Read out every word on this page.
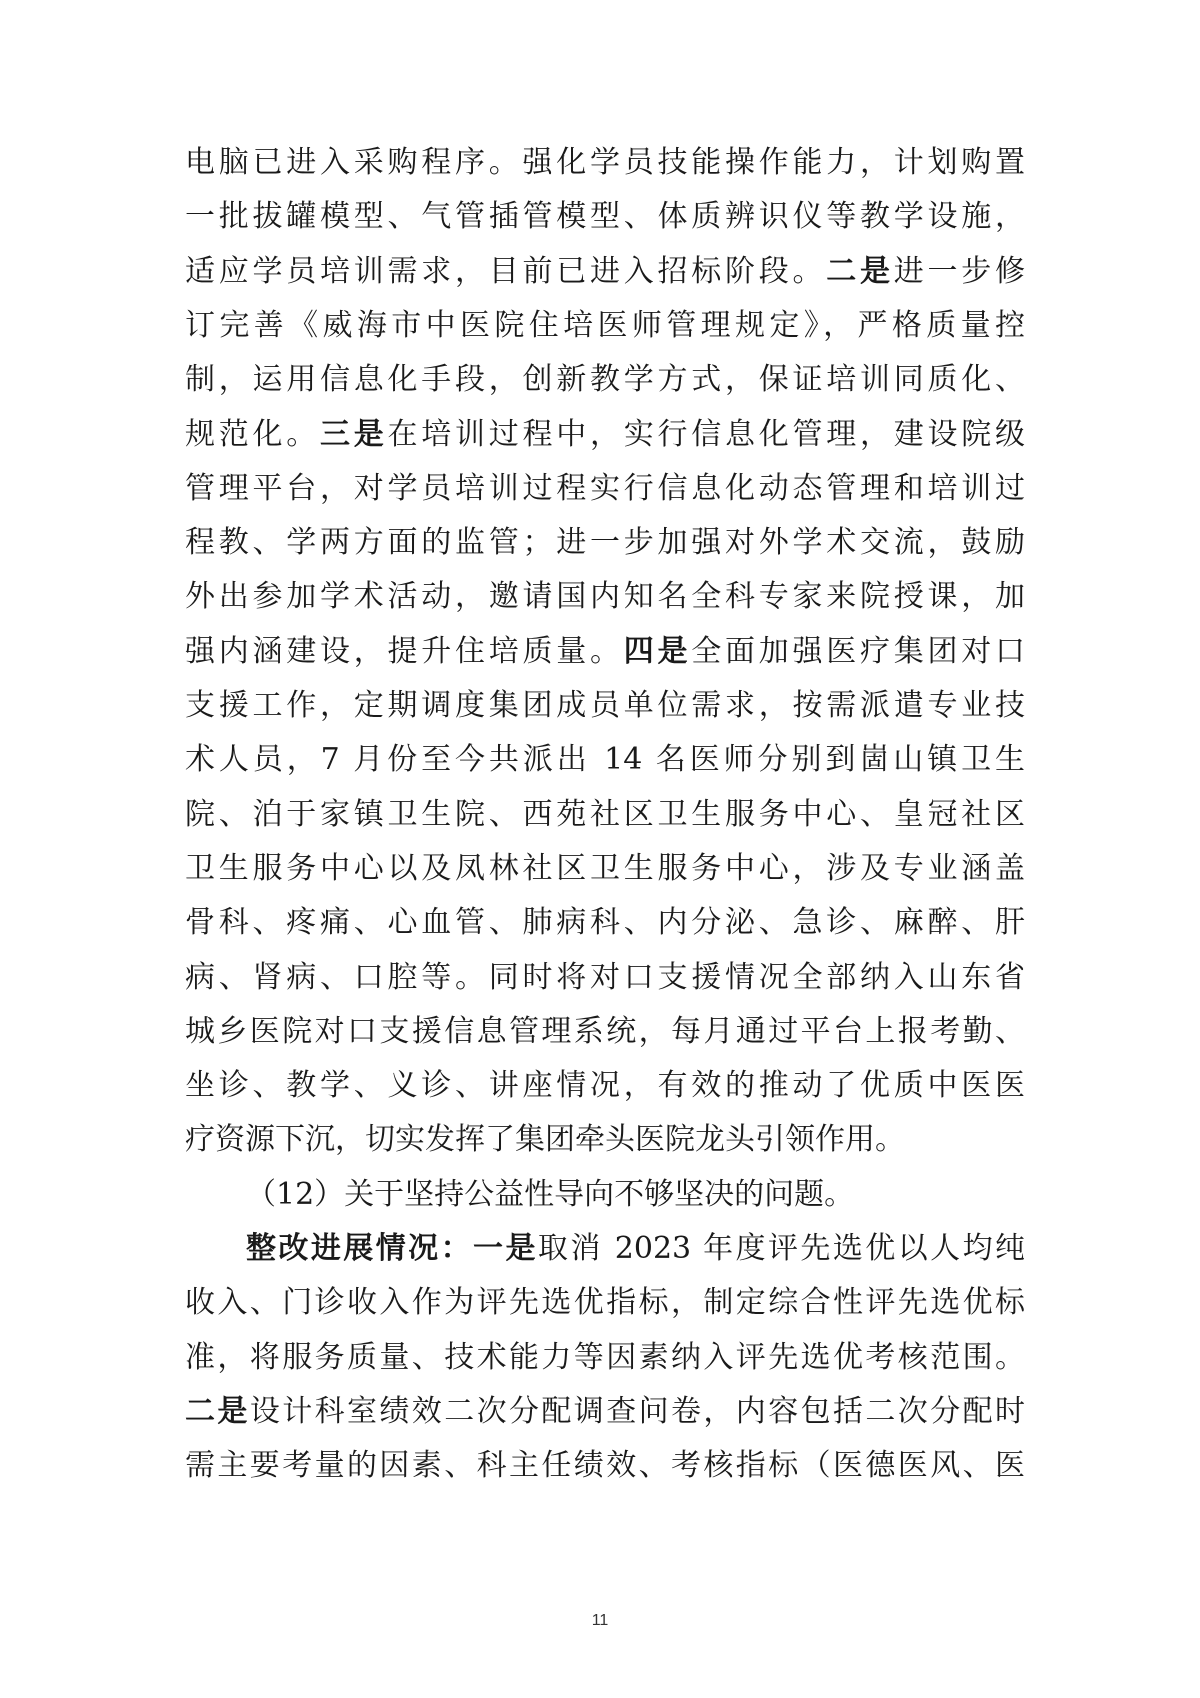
电脑已进入采购程序。强化学员技能操作能力，计划购置
一批拔罐模型、气管插管模型、体质辨识仪等教学设施，
适应学员培训需求，目前已进入招标阶段。二是进一步修
订完善《威海市中医院住培医师管理规定》，严格质量控
制，运用信息化手段，创新教学方式，保证培训同质化、
规范化。三是在培训过程中，实行信息化管理，建设院级
管理平台，对学员培训过程实行信息化动态管理和培训过
程教、学两方面的监管；进一步加强对外学术交流，鼓励
外出参加学术活动，邀请国内知名全科专家来院授课，加
强内涵建设，提升住培质量。四是全面加强医疗集团对口
支援工作，定期调度集团成员单位需求，按需派遣专业技
术人员，7 月份至今共派出 14 名医师分别到崮山镇卫生
院、泊于家镇卫生院、西苑社区卫生服务中心、皇冠社区
卫生服务中心以及凤林社区卫生服务中心，涉及专业涵盖
骨科、疼痛、心血管、肺病科、内分泌、急诊、麻醉、肝
病、肾病、口腔等。同时将对口支援情况全部纳入山东省
城乡医院对口支援信息管理系统，每月通过平台上报考勤、
坐诊、教学、义诊、讲座情况，有效的推动了优质中医医
疗资源下沉，切实发挥了集团牵头医院龙头引领作用。
（12）关于坚持公益性导向不够坚决的问题。
整改进展情况：一是取消 2023 年度评先选优以人均纯
收入、门诊收入作为评先选优指标，制定综合性评先选优标
准，将服务质量、技术能力等因素纳入评先选优考核范围。
二是设计科室绩效二次分配调查问卷，内容包括二次分配时
需主要考量的因素、科主任绩效、考核指标（医德医风、医
11
